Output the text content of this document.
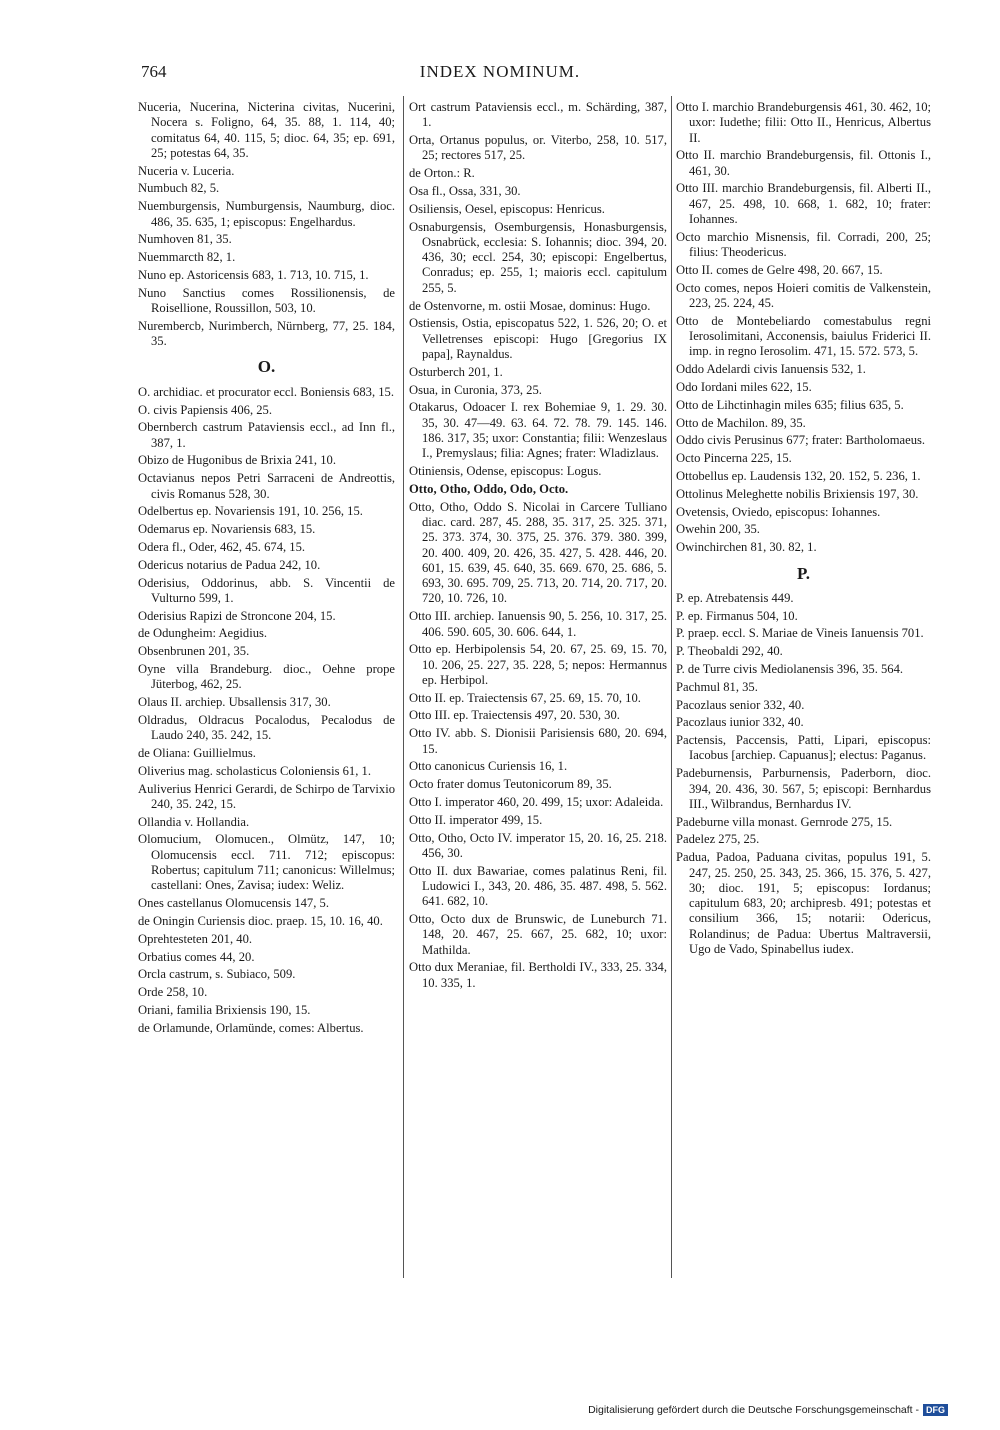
764	INDEX NOMINUM.
Nuceria, Nucerina, Nicterina civitas, Nucerini, Nocera s. Foligno, 64, 35. 88, 1. 114, 40; comitatus 64, 40. 115, 5; dioc. 64, 35; ep. 691, 25; potestas 64, 35.
Nuceria v. Luceria.
Numbuch 82, 5.
Nuemburgensis, Numburgensis, Naumburg, dioc. 486, 35. 635, 1; episcopus: Engelhardus.
Numhoven 81, 35.
Nuemmarcth 82, 1.
Nuno ep. Astoricensis 683, 1. 713, 10. 715, 1.
Nuno Sanctius comes Rossilionensis, de Roisellione, Roussillon, 503, 10.
Nurembercb, Nurimberch, Nürnberg, 77, 25. 184, 35.
O.
O. archidiac. et procurator eccl. Boniensis 683, 15.
O. civis Papiensis 406, 25.
Obernberch castrum Pataviensis eccl., ad Inn fl., 387, 1.
Obizo de Hugonibus de Brixia 241, 10.
Octavianus nepos Petri Sarraceni de Andreottis, civis Romanus 528, 30.
Odelbertus ep. Novariensis 191, 10. 256, 15.
Odemarus ep. Novariensis 683, 15.
Odera fl., Oder, 462, 45. 674, 15.
Odericus notarius de Padua 242, 10.
Oderisius, Oddorinus, abb. S. Vincentii de Vulturno 599, 1.
Oderisius Rapizi de Stroncone 204, 15.
de Odungheim: Aegidius.
Obsenbrunen 201, 35.
Oyne villa Brandeburg. dioc., Oehne prope Jüterbog, 462, 25.
Olaus II. archiep. Ubsallensis 317, 30.
Oldradus, Oldracus Pocalodus, Pecalodus de Laudo 240, 35. 242, 15.
de Oliana: Guillielmus.
Oliverius mag. scholasticus Coloniensis 61, 1.
Auliverius Henrici Gerardi, de Schirpo de Tarvixio 240, 35. 242, 15.
Ollandia v. Hollandia.
Olomucium, Olomucen., Olmütz, 147, 10; Olomucensis eccl. 711. 712; episcopus: Robertus; capitulum 711; canonicus: Willelmus; castellani: Ones, Zavisa; iudex: Weliz.
Ones castellanus Olomucensis 147, 5.
de Oningin Curiensis dioc. praep. 15, 10. 16, 40.
Oprehtesteten 201, 40.
Orbatius comes 44, 20.
Orcla castrum, s. Subiaco, 509.
Orde 258, 10.
Oriani, familia Brixiensis 190, 15.
de Orlamunde, Orlamünde, comes: Albertus.
Ort castrum Pataviensis eccl., m. Schärding, 387, 1.
Orta, Ortanus populus, or. Viterbo, 258, 10. 517, 25; rectores 517, 25.
de Orton.: R.
Osa fl., Ossa, 331, 30.
Osiliensis, Oesel, episcopus: Henricus.
Osnaburgensis, Osemburgensis, Honasburgensis, Osnabrück, ecclesia: S. Iohannis; dioc. 394, 20. 436, 30; eccl. 254, 30; episcopi: Engelbertus, Conradus; ep. 255, 1; maioris eccl. capitulum 255, 5.
de Ostenvorne, m. ostii Mosae, dominus: Hugo.
Ostiensis, Ostia, episcopatus 522, 1. 526, 20; O. et Velletrenses episcopi: Hugo [Gregorius IX papa], Raynaldus.
Osturberch 201, 1.
Osua, in Curonia, 373, 25.
Otakarus, Odoacer I. rex Bohemiae 9, 1. 29. 30. 35, 30. 47—49. 63. 64. 72. 78. 79. 145. 146. 186. 317, 35; uxor: Constantia; filii: Wenzeslaus I., Premyslaus; filia: Agnes; frater: Wladizlaus.
Otiniensis, Odense, episcopus: Logus.
Otto, Otho, Oddo, Odo, Octo.
Otto, Otho, Oddo S. Nicolai in Carcere Tulliano diac. card. 287, 45. 288, 35. 317, 25. 325. 371, 25. 373. 374, 30. 375, 25. 376. 379. 380. 399, 20. 400. 409, 20. 426, 35. 427, 5. 428. 446, 20. 601, 15. 639, 45. 640, 35. 669. 670, 25. 686, 5. 693, 30. 695. 709, 25. 713, 20. 714, 20. 717, 20. 720, 10. 726, 10.
Otto III. archiep. Ianuensis 90, 5. 256, 10. 317, 25. 406. 590. 605, 30. 606. 644, 1.
Otto ep. Herbipolensis 54, 20. 67, 25. 69, 15. 70, 10. 206, 25. 227, 35. 228, 5; nepos: Hermannus ep. Herbipol.
Otto II. ep. Traiectensis 67, 25. 69, 15. 70, 10.
Otto III. ep. Traiectensis 497, 20. 530, 30.
Otto IV. abb. S. Dionisii Parisiensis 680, 20. 694, 15.
Otto canonicus Curiensis 16, 1.
Octo frater domus Teutonicorum 89, 35.
Otto I. imperator 460, 20. 499, 15; uxor: Adaleida.
Otto II. imperator 499, 15.
Otto, Otho, Octo IV. imperator 15, 20. 16, 25. 218. 456, 30.
Otto II. dux Bawariae, comes palatinus Reni, fil. Ludowici I., 343, 20. 486, 35. 487. 498, 5. 562. 641. 682, 10.
Otto, Octo dux de Brunswic, de Luneburch 71. 148, 20. 467, 25. 667, 25. 682, 10; uxor: Mathilda.
Otto dux Meraniae, fil. Bertholdi IV., 333, 25. 334, 10. 335, 1.
Otto I. marchio Brandeburgensis 461, 30. 462, 10; uxor: Iudethe; filii: Otto II., Henricus, Albertus II.
Otto II. marchio Brandeburgensis, fil. Ottonis I., 461, 30.
Otto III. marchio Brandeburgensis, fil. Alberti II., 467, 25. 498, 10. 668, 1. 682, 10; frater: Iohannes.
Octo marchio Misnensis, fil. Corradi, 200, 25; filius: Theodericus.
Otto II. comes de Gelre 498, 20. 667, 15.
Octo comes, nepos Hoieri comitis de Valkenstein, 223, 25. 224, 45.
Otto de Montebeliardo comestabulus regni Ierosolimitani, Acconensis, baiulus Friderici II. imp. in regno Ierosolim. 471, 15. 572. 573, 5.
Oddo Adelardi civis Ianuensis 532, 1.
Odo Iordani miles 622, 15.
Otto de Lihctinhagin miles 635; filius 635, 5.
Otto de Machilon. 89, 35.
Oddo civis Perusinus 677; frater: Bartholomaeus.
Octo Pincerna 225, 15.
Ottobellus ep. Laudensis 132, 20. 152, 5. 236, 1.
Ottolinus Meleghette nobilis Brixiensis 197, 30.
Ovetensis, Oviedo, episcopus: Iohannes.
Owehin 200, 35.
Owinchirchen 81, 30. 82, 1.
P.
P. ep. Atrebatensis 449.
P. ep. Firmanus 504, 10.
P. praep. eccl. S. Mariae de Vineis Ianuensis 701.
P. Theobaldi 292, 40.
P. de Turre civis Mediolanensis 396, 35. 564.
Pachmul 81, 35.
Pacozlaus senior 332, 40.
Pacozlaus iunior 332, 40.
Pactensis, Paccensis, Patti, Lipari, episcopus: Iacobus [archiep. Capuanus]; electus: Paganus.
Padeburnensis, Parburnensis, Paderborn, dioc. 394, 20. 436, 30. 567, 5; episcopi: Bernhardus III., Wilbrandus, Bernhardus IV.
Padeburne villa monast. Gernrode 275, 15.
Padelez 275, 25.
Padua, Padoa, Paduana civitas, populus 191, 5. 247, 25. 250, 25. 343, 25. 366, 15. 376, 5. 427, 30; dioc. 191, 5; episcopus: Iordanus; capitulum 683, 20; archipresb. 491; potestas et consilium 366, 15; notarii: Odericus, Rolandinus; de Padua: Ubertus Maltraversii, Ugo de Vado, Spinabellus iudex.
Digitalisierung gefördert durch die Deutsche Forschungsgemeinschaft - DFG
